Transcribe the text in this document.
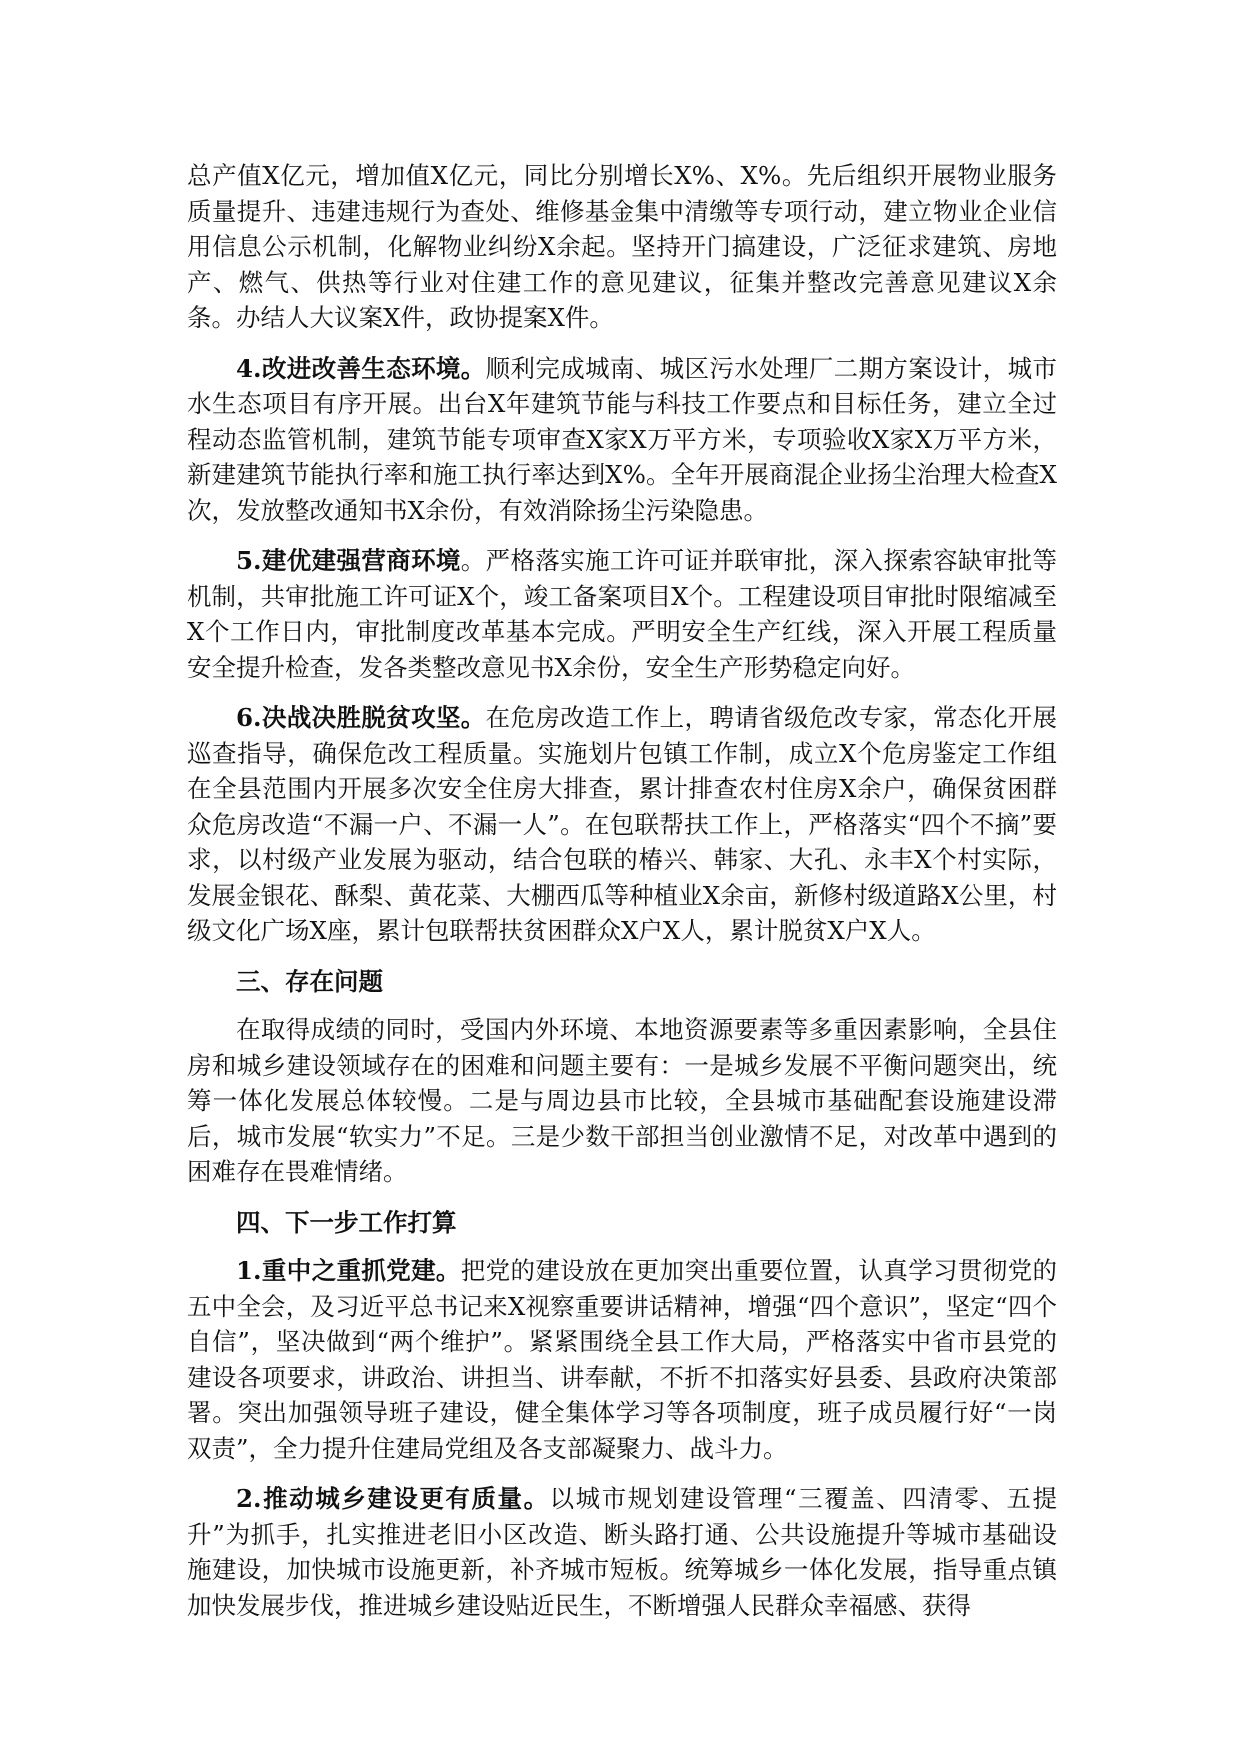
总产值X亿元，增加值X亿元，同比分别增长X%、X%。先后组织开展物业服务质量提升、违建违规行为查处、维修基金集中清缴等专项行动，建立物业企业信用信息公示机制，化解物业纠纷X余起。坚持开门搞建设，广泛征求建筑、房地产、燃气、供热等行业对住建工作的意见建议，征集并整改完善意见建议X余条。办结人大议案X件，政协提案X件。

4.改进改善生态环境。顺利完成城南、城区污水处理厂二期方案设计，城市水生态项目有序开展。出台X年建筑节能与科技工作要点和目标任务，建立全过程动态监管机制，建筑节能专项审查X家X万平方米，专项验收X家X万平方米，新建建筑节能执行率和施工执行率达到X%。全年开展商混企业扬尘治理大检查X次，发放整改通知书X余份，有效消除扬尘污染隐患。

5.建优建强营商环境。严格落实施工许可证并联审批，深入探索容缺审批等机制，共审批施工许可证X个，竣工备案项目X个。工程建设项目审批时限缩减至X个工作日内，审批制度改革基本完成。严明安全生产红线，深入开展工程质量安全提升检查，发各类整改意见书X余份，安全生产形势稳定向好。

6.决战决胜脱贫攻坚。在危房改造工作上，聘请省级危改专家，常态化开展巡查指导，确保危改工程质量。实施划片包镇工作制，成立X个危房鉴定工作组在全县范围内开展多次安全住房大排查，累计排查农村住房X余户，确保贫困群众危房改造“不漏一户、不漏一人”。在包联帮扶工作上，严格落实“四个不摘”要求，以村级产业发展为驱动，结合包联的椿兴、韩家、大孔、永丰X个村实际，发展金银花、酥梨、黄花菜、大棚西瓜等种植业X余亩，新修村级道路X公里，村级文化广场X座，累计包联帮扶贫困群众X户X人，累计脱贫X户X人。

三、存在问题

在取得成绩的同时，受国内外环境、本地资源要素等多重因素影响，全县住房和城乡建设领域存在的困难和问题主要有：一是城乡发展不平衡问题突出，统筹一体化发展总体较慢。二是与周边县市比较，全县城市基础配套设施建设滞后，城市发展“软实力”不足。三是少数干部担当创业激情不足，对改革中遇到的困难存在畏难情绪。

四、下一步工作打算

1.重中之重抓党建。把党的建设放在更加突出重要位置，认真学习贯彻党的五中全会，及习近平总书记来X视察重要讲话精神，增强“四个意识”，坚定“四个自信”，坚决做到“两个维护”。紧紧围绕全县工作大局，严格落实中省市县党的建设各项要求，讲政治、讲担当、讲奉献，不折不扣落实好县委、县政府决策部署。突出加强领导班子建设，健全集体学习等各项制度，班子成员履行好“一岗双责”，全力提升住建局党组及各支部凝聚力、战斗力。

2.推动城乡建设更有质量。以城市规划建设管理“三覆盖、四清零、五提升”为抓手，扎实推进老旧小区改造、断头路打通、公共设施提升等城市基础设施建设，加快城市设施更新，补齐城市短板。统筹城乡一体化发展，指导重点镇加快发展步伐，推进城乡建设贴近民生，不断增强人民群众幸福感、获得
